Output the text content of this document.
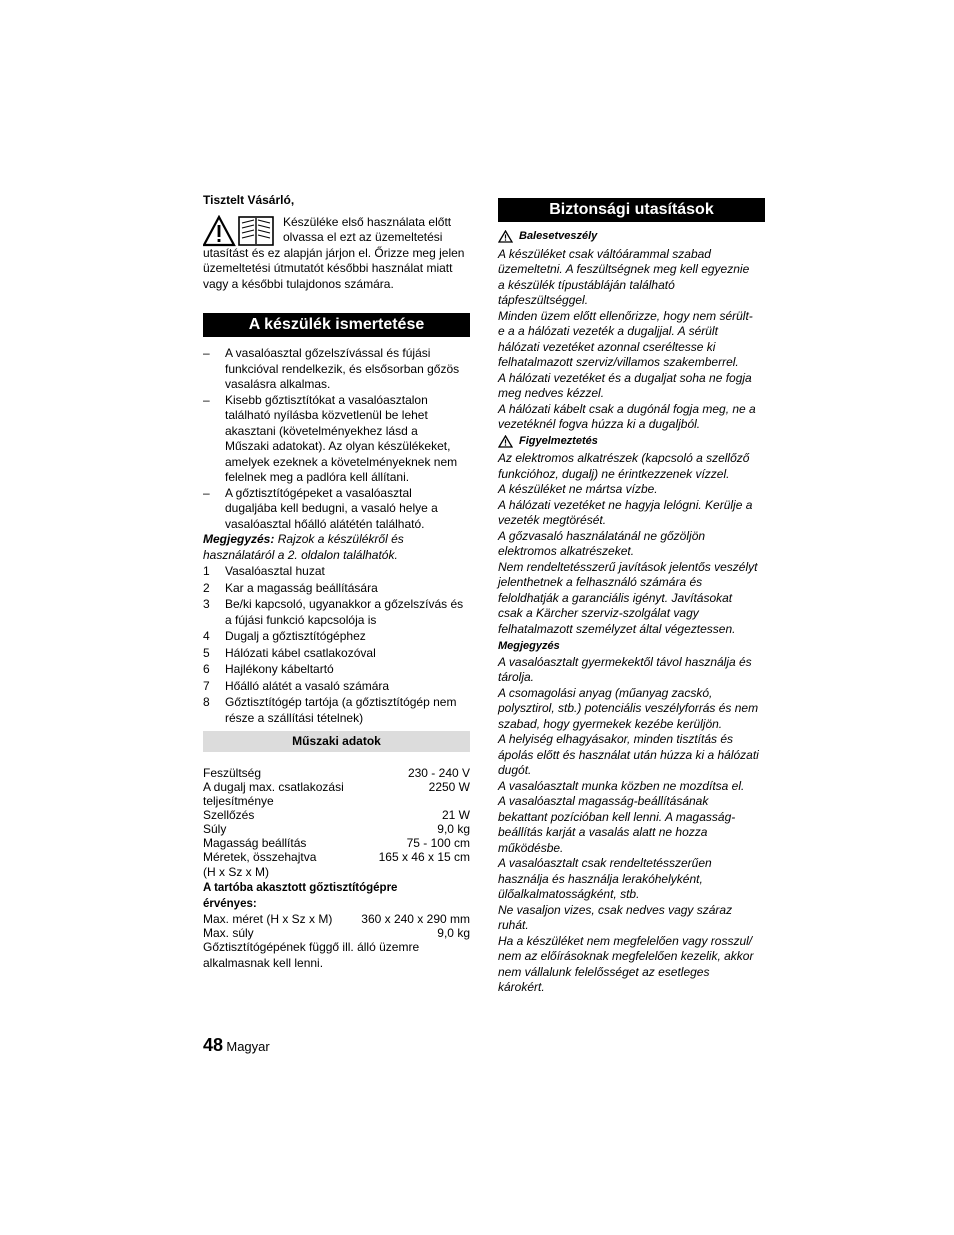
Tisztelt Vásárló,

Készüléke első használata előtt

olvassa el ezt az üzemeltetési

utasítást és ez alapján járjon el. Őrizze meg jelen

üzemeltetési útmutatót későbbi használat miatt

vagy a későbbi tulajdonos számára.

A készülék ismertetése
–	A vasalóasztal gőzelszívással és fújási

funkcióval rendelkezik, és elsősorban gőzös

vasalásra alkalmas.

–	Kisebb gőztisztítókat a vasalóasztalon

található nyílásba közvetlenül be lehet

akasztani (követelményekhez lásd a

Műszaki adatokat). Az olyan készülékeket,

amelyek ezeknek a követelményeknek nem

felelnek meg a padlóra kell állítani.

–	A gőztisztítógépeket a vasalóasztal

dugaljába kell bedugni, a vasaló helye a

vasalóasztal hőálló alátétén található.

Megjegyzés: Rajzok a készülékről és

használatáról a 2. oldalon találhatók.

1	Vasalóasztal huzat

2	Kar a magasság beállítására

3	Be/ki kapcsoló, ugyanakkor a gőzelszívás és

a fújási funkció kapcsolója is

4	Dugalj a gőztisztítógéphez

5	Hálózati kábel csatlakozóval

6	Hajlékony kábeltartó

7	Hőálló alátét a vasaló számára

8	Gőztisztítógép tartója (a gőztisztítógép nem

része a szállítási tételnek)

Műszaki adatok

Feszültség	230 - 240 V

A dugalj max. csatlakozási

teljesítménye

2250 W

Szellőzés	21 W

Súly	9,0 kg

Magasság beállítás	75 - 100 cm

Méretek, összehajtva

(H x Sz x M)

165 x 46 x 15 cm

A tartóba akasztott gőztisztítógépre

érvényes:

Max. méret (H x Sz x M)	360 x 240 x 290 mm

Max. súly	9,0 kg

Gőztisztítógépének függő ill. álló üzemre

alkalmasnak kell lenni.

Biztonsági utasítások
Balesetveszély

A készüléket csak váltóárammal szabad

üzemeltetni. A feszültségnek meg kell egyeznie

a készülék típustábláján található

tápfeszültséggel.

Minden üzem előtt ellenőrizze, hogy nem sérült-

e a a hálózati vezeték a dugaljjal. A sérült

hálózati vezetéket azonnal cseréltesse ki

felhatalmazott szerviz/villamos szakemberrel.

A hálózati vezetéket és a dugaljat soha ne fogja

meg nedves kézzel.

A hálózati kábelt csak a dugónál fogja meg, ne a

vezetéknél fogva húzza ki a dugaljból.

Figyelmeztetés

Az elektromos alkatrészek (kapcsoló a szellőző

funkcióhoz, dugalj) ne érintkezzenek vízzel.

A készüléket ne mártsa vízbe.

A hálózati vezetéket ne hagyja lelógni. Kerülje a

vezeték megtörését.

A gőzvasaló használatánál ne gőzöljön

elektromos alkatrészeket.

Nem rendeltetésszerű javítások jelentős veszélyt

jelenthetnek a felhasználó számára és

feloldhatják a garanciális igényt. Javításokat

csak a Kärcher szerviz-szolgálat vagy

felhatalmazott személyzet által végeztessen.

Megjegyzés

A vasalóasztalt gyermekektől távol használja és

tárolja.

A csomagolási anyag (műanyag zacskó,

polysztirol, stb.) potenciális veszélyforrás és nem

szabad, hogy gyermekek kezébe kerüljön.

A helyiség elhagyásakor, minden tisztítás és

ápolás előtt és használat után húzza ki a hálózati

dugót.

A vasalóasztalt munka közben ne mozdítsa el.

A vasalóasztal magasság-beállításának

bekattant pozícióban kell lenni. A magasság-

beállítás karját a vasalás alatt ne hozza

működésbe.

A vasalóasztalt csak rendeltetésszerűen

használja és használja lerakóhelyként,

ülőalkalmatosságként, stb.

Ne vasaljon vizes, csak nedves vagy száraz

ruhát.

Ha a készüléket nem megfelelően vagy rosszul/

nem az előírásoknak megfelelően kezelik, akkor

nem vállalunk felelősséget az esetleges

károkért.

48 Magyar
